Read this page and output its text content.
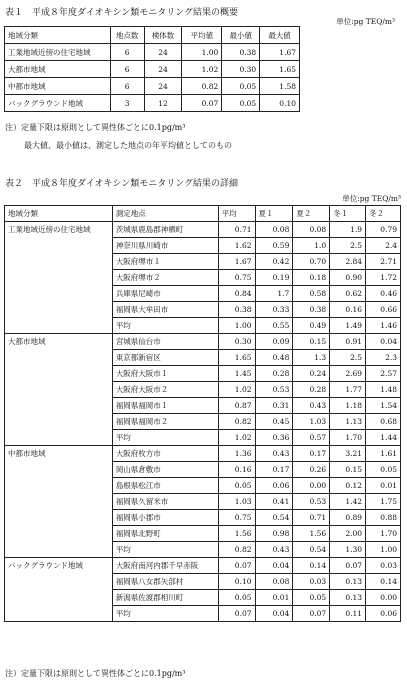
表１　平成８年度ダイオキシン類モニタリング結果の概要
単位:pg TEQ/m³
地域分類	地点数	検体数	平均値	最小値	最大値
工業地域近傍の住宅地域	6	24	1.00	0.38	1.67
大都市地域	6	24	1.02	0.30	1.65
中都市地域	6	24	0.82	0.05	1.58
バックグラウンド地域	3	12	0.07	0.05	0.10
注）定量下限は原則として異性体ごとに0.1pg/m³
最大値、最小値は、測定した地点の年平均値としてのもの
表２　平成８年度ダイオキシン類モニタリング結果の詳細
単位:pg TEQ/m³
地域分類	測定地点	平均	夏１	夏２	冬１	冬２
工業地域近傍の住宅地域	茨城県鹿島郡神栖町	0.71	0.08	0.08	1.9	0.79
	神奈川県川崎市	1.62	0.59	1.0	2.5	2.4
	大阪府堺市１	1.67	0.42	0.70	2.84	2.71
	大阪府堺市２	0.75	0.19	0.18	0.90	1.72
	兵庫県尼崎市	0.84	1.7	0.58	0.62	0.46
	福岡県大牟田市	0.38	0.33	0.38	0.16	0.66
	平均	1.00	0.55	0.49	1.49	1.46
大都市地域	宮城県仙台市	0.30	0.09	0.15	0.91	0.04
	東京都新宿区	1.65	0.48	1.3	2.5	2.3
	大阪府大阪市１	1.45	0.28	0.24	2.69	2.57
	大阪府大阪市２	1.02	0.53	0.28	1.77	1.48
	福岡県福岡市１	0.87	0.31	0.43	1.18	1.54
	福岡県福岡市２	0.82	0.45	1.03	1.13	0.68
	平均	1.02	0.36	0.57	1.70	1.44
中都市地域	大阪府枚方市	1.36	0.43	0.17	3.21	1.61
	岡山県倉敷市	0.16	0.17	0.26	0.15	0.05
	島根県松江市	0.05	0.06	0.00	0.12	0.01
	福岡県久留米市	1.03	0.41	0.53	1.42	1.75
	福岡県小郡市	0.75	0.54	0.71	0.89	0.88
	福岡県北野町	1.56	0.98	1.56	2.00	1.70
	平均	0.82	0.43	0.54	1.30	1.00
バックグラウンド地域	大阪府南河内郡千早赤阪	0.07	0.04	0.14	0.07	0.03
	福岡県八女郡矢部村	0.10	0.08	0.03	0.13	0.14
	新潟県佐渡郡相川町	0.05	0.01	0.05	0.13	0.00
	平均	0.07	0.04	0.07	0.11	0.06
注）定量下限は原則として異性体ごとに0.1pg/m³
